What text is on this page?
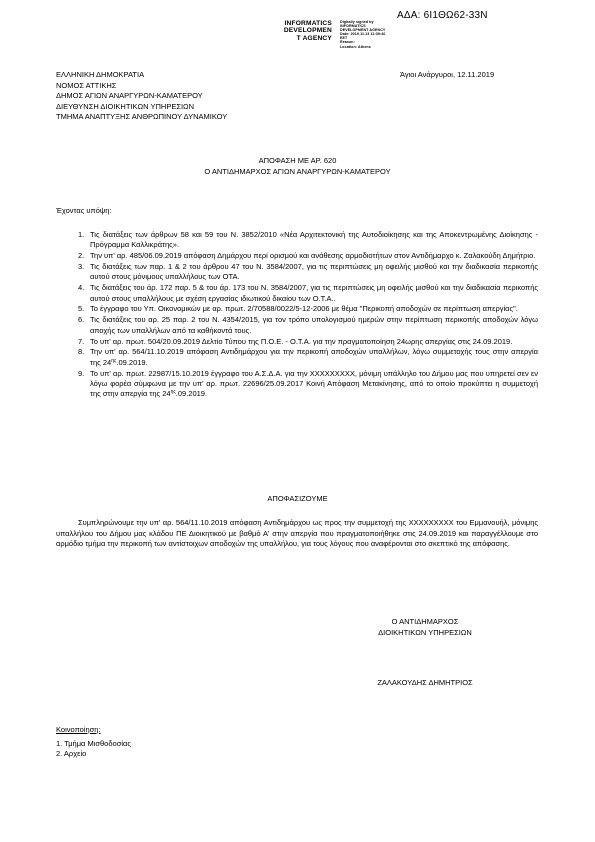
INFORMATICS
DEVELOPMEN
T AGENCY
Digitally signed by
INFORMATICS
DEVELOPMENT AGENCY
Date: 2019.11.13 11:39:40
EET
Reason:
Location: Athens
ΑΔΑ: 6Ι1ΘΩ62-33Ν
ΕΛΛΗΝΙΚΗ ΔΗΜΟΚΡΑΤΙΑ
ΝΟΜΟΣ ΑΤΤΙΚΗΣ
ΔΗΜΟΣ ΑΓΙΩΝ ΑΝΑΡΓΥΡΩΝ-ΚΑΜΑΤΕΡΟΥ
ΔΙΕΥΘΥΝΣΗ ΔΙΟΙΚΗΤΙΚΩΝ ΥΠΗΡΕΣΙΩΝ
ΤΜΗΜΑ ΑΝΑΠΤΥΞΗΣ ΑΝΘΡΩΠΙΝΟΥ ΔΥΝΑΜΙΚΟΥ
Άγιοι Ανάργυροι, 12.11.2019
ΑΠΟΦΑΣΗ ΜΕ ΑΡ. 620
Ο ΑΝΤΙΔΗΜΑΡΧΟΣ ΑΓΙΩΝ ΑΝΑΡΓΥΡΩΝ-ΚΑΜΑΤΕΡΟΥ
Έχοντας υπόψη:
1. Τις διατάξεις των άρθρων 58 και 59 του Ν. 3852/2010 «Νέα Αρχιτεκτονική της Αυτοδιοίκησης και της Αποκεντρωμένης Διοίκησης - Πρόγραμμα Καλλικράτης».
2. Την υπ' αρ. 485/06.09.2019 απόφαση Δημάρχου περί ορισμού και ανάθεσης αρμοδιοτήτων στον Αντιδήμαρχο κ. Ζαλακούδη Δημήτριο.
3. Τις διατάξεις των παρ. 1 & 2 του άρθρου 47 του Ν. 3584/2007, για τις περιπτώσεις μη οφειλής μισθού και την διαδικασία περικοπής αυτού στους μόνιμους υπαλλήλους των ΟΤΑ.
4. Τις διατάξεις του άρ. 172 παρ. 5 & του άρ. 173 του Ν. 3584/2007, για τις περιπτώσεις μη οφειλής μισθού και την διαδικασία περικοπής αυτού στους υπαλλήλους με σχέση εργασίας ιδιωτικού δικαίου των Ο.Τ.Α..
5. Το έγγραφο του Υπ. Οικονομικών με αρ. πρωτ. 2/70588/0022/5-12-2006 με θέμα "Περικοπή αποδοχών σε περίπτωση απεργίας".
6. Τις διατάξεις του αρ. 25 παρ. 2 του Ν. 4354/2015, για τον τρόπο υπολογισμού ημερών στην περίπτωση περικοπής αποδοχών λόγω αποχής των υπαλλήλων από τα καθήκοντά τους.
7. Το υπ' αρ. πρωτ. 504/20.09.2019 Δελτίο Τύπου της Π.Ο.Ε. - Ο.Τ.Α. για την πραγματοποίηση 24ωρης απεργίας στις 24.09.2019.
8. Την υπ' αρ. 564/11.10.2019 απόφαση Αντιδημάρχου για την περικοπή αποδοχών υπαλλήλων, λόγω συμμετοχής τους στην απεργία της $24^{\eta\varsigma}.09.2019$.
9. Το υπ' αρ. πρωτ. 22987/15.10.2019 έγγραφο του Α.Σ.Δ.Α. για την ΧΧΧΧΧΧΧΧΧ, μόνιμη υπάλληλο του Δήμου μας που υπηρετεί σεν εν λόγω φορέα σύμφωνα με την υπ' αρ. πρωτ. 22696/25.09.2017 Κοινή Απόφαση Μετακίνησης, από το οποίο προκύπτει η συμμετοχή της στην απεργία της $24^{\eta\varsigma}.09.2019$.
ΑΠΟΦΑΣΙΖΟΥΜΕ
Συμπληρώνουμε την υπ' αρ. 564/11.10.2019 απόφαση Αντιδημάρχου ως προς την συμμετοχή της ΧΧΧΧΧΧΧΧΧ του Εμμανουήλ, μόνιμης υπαλλήλου του Δήμου μας κλάδου ΠΕ Διοικητικού με βαθμό Α' στην απεργία που πραγματοποιήθηκε στις 24.09.2019 και παραγγέλλουμε στο αρμόδιο τμήμα την περικοπή των αντίστοιχων αποδοχών της υπαλλήλου, για τους λόγους που αναφέρονται στο σκεπτικό της απόφασης.
Ο ΑΝΤΙΔΗΜΑΡΧΟΣ
ΔΙΟΙΚΗΤΙΚΩΝ ΥΠΗΡΕΣΙΩΝ
ΖΑΛΑΚΟΥΔΗΣ ΔΗΜΗΤΡΙΟΣ
Κοινοποίηση:
1. Τμήμα Μισθοδοσίας
2. Αρχείο
